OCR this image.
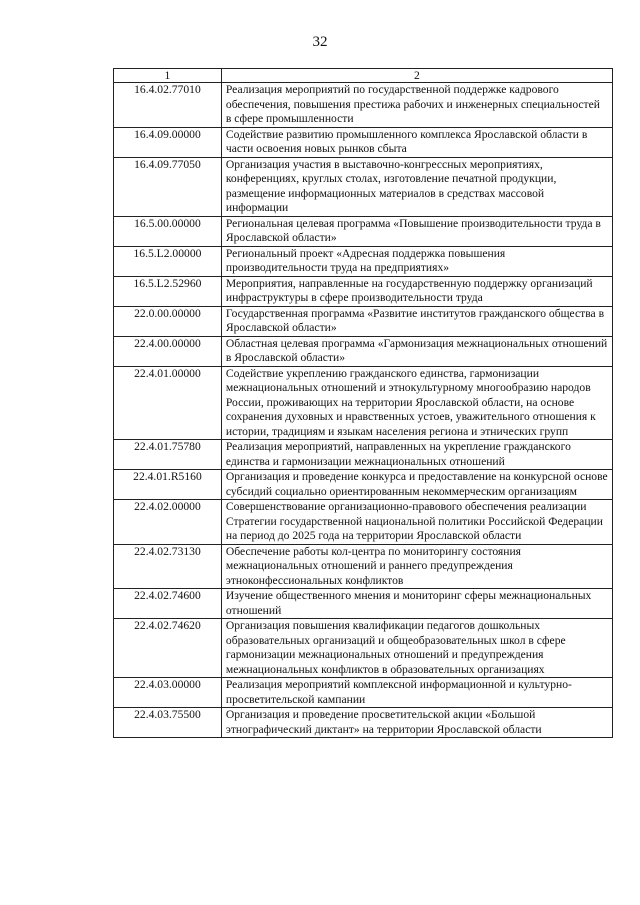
32
1	2
16.4.02.77010	Реализация мероприятий по государственной поддержке кадрового обеспечения, повышения престижа рабочих и инженерных специальностей в сфере промышленности
16.4.09.00000	Содействие развитию промышленного комплекса Ярославской области в части освоения новых рынков сбыта
16.4.09.77050	Организация участия в выставочно-конгрессных мероприятиях, конференциях, круглых столах, изготовление печатной продукции, размещение информационных материалов в средствах массовой информации
16.5.00.00000	Региональная целевая программа «Повышение производительности труда в Ярославской области»
16.5.L2.00000	Региональный проект «Адресная поддержка повышения производительности труда на предприятиях»
16.5.L2.52960	Мероприятия, направленные на государственную поддержку организаций инфраструктуры в сфере производительности труда
22.0.00.00000	Государственная программа «Развитие институтов гражданского общества в Ярославской области»
22.4.00.00000	Областная целевая программа «Гармонизация межнациональных отношений в Ярославской области»
22.4.01.00000	Содействие укреплению гражданского единства, гармонизации межнациональных отношений и этнокультурному многообразию народов России, проживающих на территории Ярославской области, на основе сохранения духовных и нравственных устоев, уважительного отношения к истории, традициям и языкам населения региона и этнических групп
22.4.01.75780	Реализация мероприятий, направленных на укрепление гражданского единства и гармонизации межнациональных отношений
22.4.01.R5160	Организация и проведение конкурса и предоставление на конкурсной основе субсидий социально ориентированным некоммерческим организациям
22.4.02.00000	Совершенствование организационно-правового обеспечения реализации Стратегии государственной национальной политики Российской Федерации на период до 2025 года на территории Ярославской области
22.4.02.73130	Обеспечение работы кол-центра по мониторингу состояния межнациональных отношений и раннего предупреждения этноконфессиональных конфликтов
22.4.02.74600	Изучение общественного мнения и мониторинг сферы межнациональных отношений
22.4.02.74620	Организация повышения квалификации педагогов дошкольных образовательных организаций и общеобразовательных школ в сфере гармонизации межнациональных отношений и предупреждения межнациональных конфликтов в образовательных организациях
22.4.03.00000	Реализация мероприятий комплексной информационной и культурно-просветительской кампании
22.4.03.75500	Организация и проведение просветительской акции «Большой этнографический диктант» на территории Ярославской области
